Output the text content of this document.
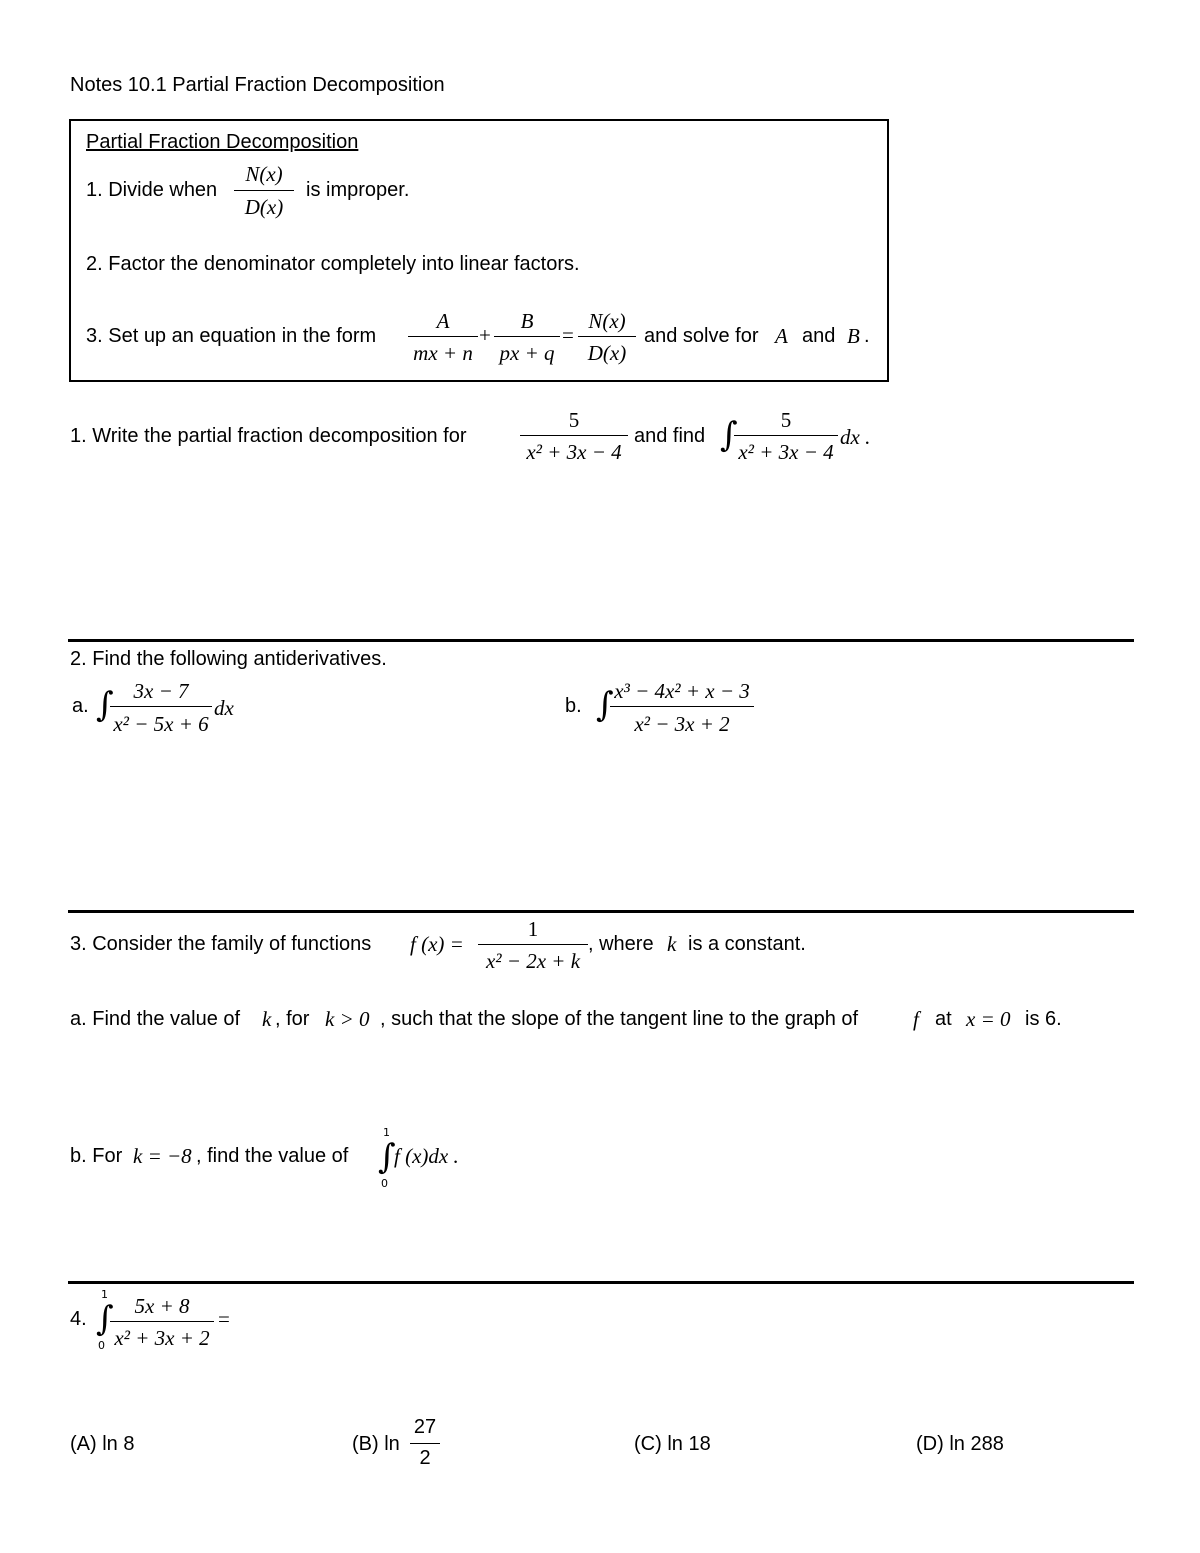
Notes 10.1 Partial Fraction Decomposition
Partial Fraction Decomposition
1. Divide when
N(x)
D(x)
is improper.
2. Factor the denominator completely into linear factors.
3. Set up an equation in the form
A
mx + n
+
B
px + q
=
N(x)
D(x)
and solve for A and B .
1. Write the partial fraction decomposition for
5
x² + 3x − 4
and find ∫	5
x² + 3x − 4
dx .
2. Find the following antiderivatives.
a. ∫ 3x − 7
x² − 5x + 6
dx	b. ∫ x³ − 4x² + x − 3
x² − 3x + 2
3. Consider the family of functions f (x) =
1
x² − 2x + k
, where k is a constant.
a. Find the value of k , for k > 0 , such that the slope of the tangent line to the graph of	f at x = 0 is 6.
b. For k = −8 , find the value of
1
∫
0
f (x)dx .
4.
1
∫
0
5x + 8
x² + 3x + 2
=
(A) ln 8	(B) ln
27
2
(C) ln 18	(D) ln 288
